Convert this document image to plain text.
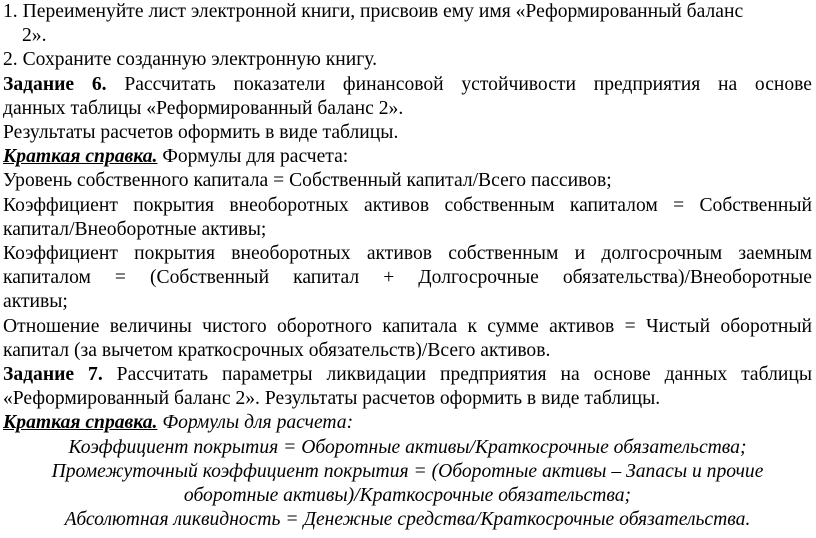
1. Переименуйте лист электронной книги, присвоив ему имя «Реформированный баланс
2».
2. Сохраните созданную электронную книгу.
Задание 6. Рассчитать показатели финансовой устойчивости предприятия на основе
данных таблицы «Реформированный баланс 2».
Результаты расчетов оформить в виде таблицы.
Краткая справка. Формулы для расчета:
Уровень собственного капитала = Собственный капитал/Всего пассивов;
Коэффициент покрытия внеоборотных активов собственным капиталом = Собственный
капитал/Внеоборотные активы;
Коэффициент покрытия внеоборотных активов собственным и долгосрочным заемным
капиталом = (Собственный капитал + Долгосрочные обязательства)/Внеоборотные
активы;
Отношение величины чистого оборотного капитала к сумме активов = Чистый оборотный
капитал (за вычетом краткосрочных обязательств)/Всего активов.
Задание 7. Рассчитать параметры ликвидации предприятия на основе данных таблицы
«Реформированный баланс 2». Результаты расчетов оформить в виде таблицы.
Краткая справка. Формулы для расчета:
Коэффициент покрытия = Оборотные активы/Краткосрочные обязательства;
Промежуточный коэффициент покрытия = (Оборотные активы – Запасы и прочие
оборотные активы)/Краткосрочные обязательства;
Абсолютная ликвидность = Денежные средства/Краткосрочные обязательства.
